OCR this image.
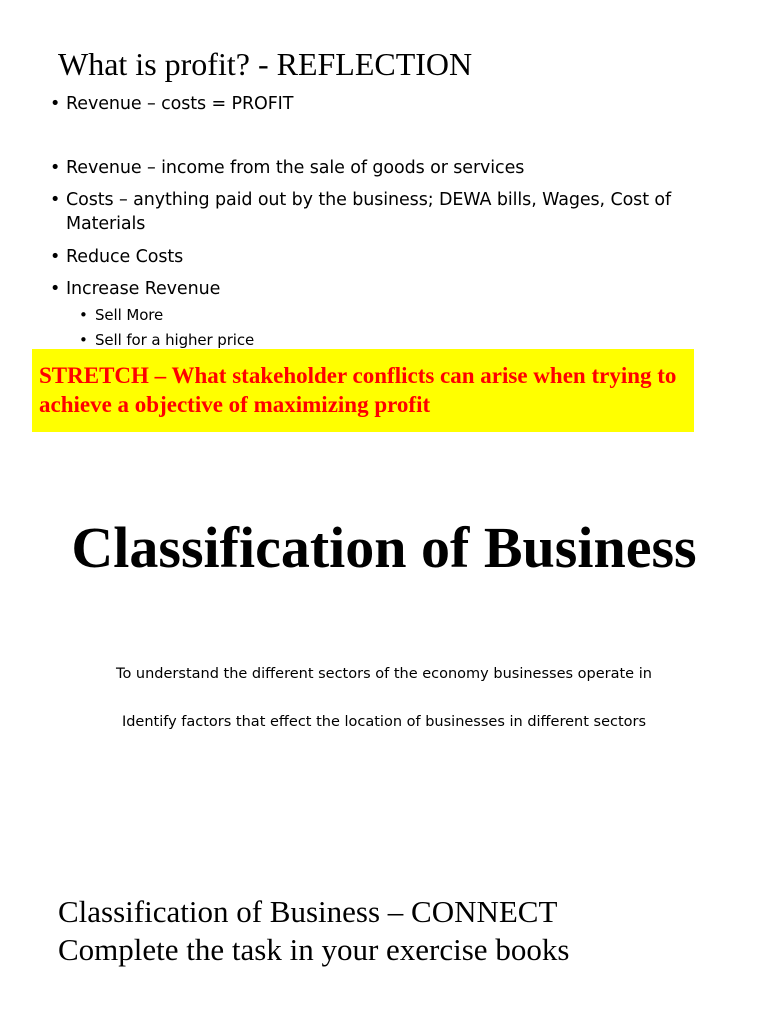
What is profit? - REFLECTION
• Revenue – costs = PROFIT
• Revenue – income from the sale of goods or services
• Costs – anything paid out by the business; DEWA bills, Wages, Cost of Materials
• Reduce Costs
• Increase Revenue
• Sell More
• Sell for a higher price
STRETCH – What stakeholder conflicts can arise when trying to achieve a objective of maximizing profit
Classification of Business
To understand the different sectors of the economy businesses operate in
Identify factors that effect the location of businesses in different sectors
Classification of Business – CONNECT
Complete the task in your exercise books
